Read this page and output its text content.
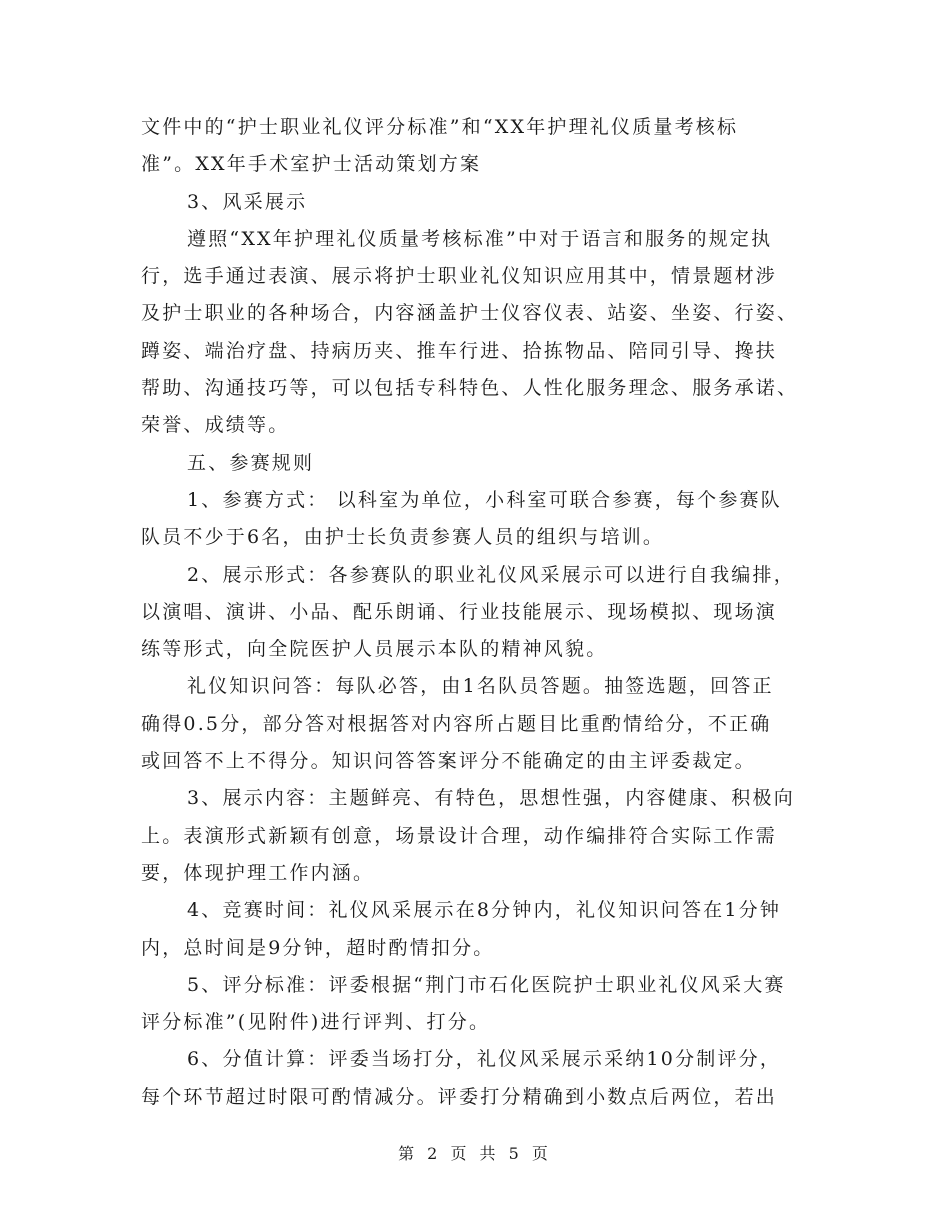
文件中的“护士职业礼仪评分标准”和“XX年护理礼仪质量考核标

准”。XX年手术室护士活动策划方案

3、风采展示

遵照“XX年护理礼仪质量考核标准”中对于语言和服务的规定执

行，选手通过表演、展示将护士职业礼仪知识应用其中，情景题材涉

及护士职业的各种场合，内容涵盖护士仪容仪表、站姿、坐姿、行姿、

蹲姿、端治疗盘、持病历夹、推车行进、拾拣物品、陪同引导、搀扶

帮助、沟通技巧等，可以包括专科特色、人性化服务理念、服务承诺、

荣誉、成绩等。

五、参赛规则

1、参赛方式： 以科室为单位，小科室可联合参赛，每个参赛队

队员不少于6名，由护士长负责参赛人员的组织与培训。

2、展示形式：各参赛队的职业礼仪风采展示可以进行自我编排，

以演唱、演讲、小品、配乐朗诵、行业技能展示、现场模拟、现场演

练等形式，向全院医护人员展示本队的精神风貌。

礼仪知识问答：每队必答，由1名队员答题。抽签选题，回答正

确得0.5分，部分答对根据答对内容所占题目比重酌情给分，不正确

或回答不上不得分。知识问答答案评分不能确定的由主评委裁定。

3、展示内容：主题鲜亮、有特色，思想性强，内容健康、积极向

上。表演形式新颖有创意，场景设计合理，动作编排符合实际工作需

要，体现护理工作内涵。

4、竞赛时间：礼仪风采展示在8分钟内，礼仪知识问答在1分钟

内，总时间是9分钟，超时酌情扣分。

5、评分标准：评委根据“荆门市石化医院护士职业礼仪风采大赛

评分标准”(见附件)进行评判、打分。

6、分值计算：评委当场打分，礼仪风采展示采纳10分制评分，

每个环节超过时限可酌情减分。评委打分精确到小数点后两位，若出

第 2 页 共 5 页
